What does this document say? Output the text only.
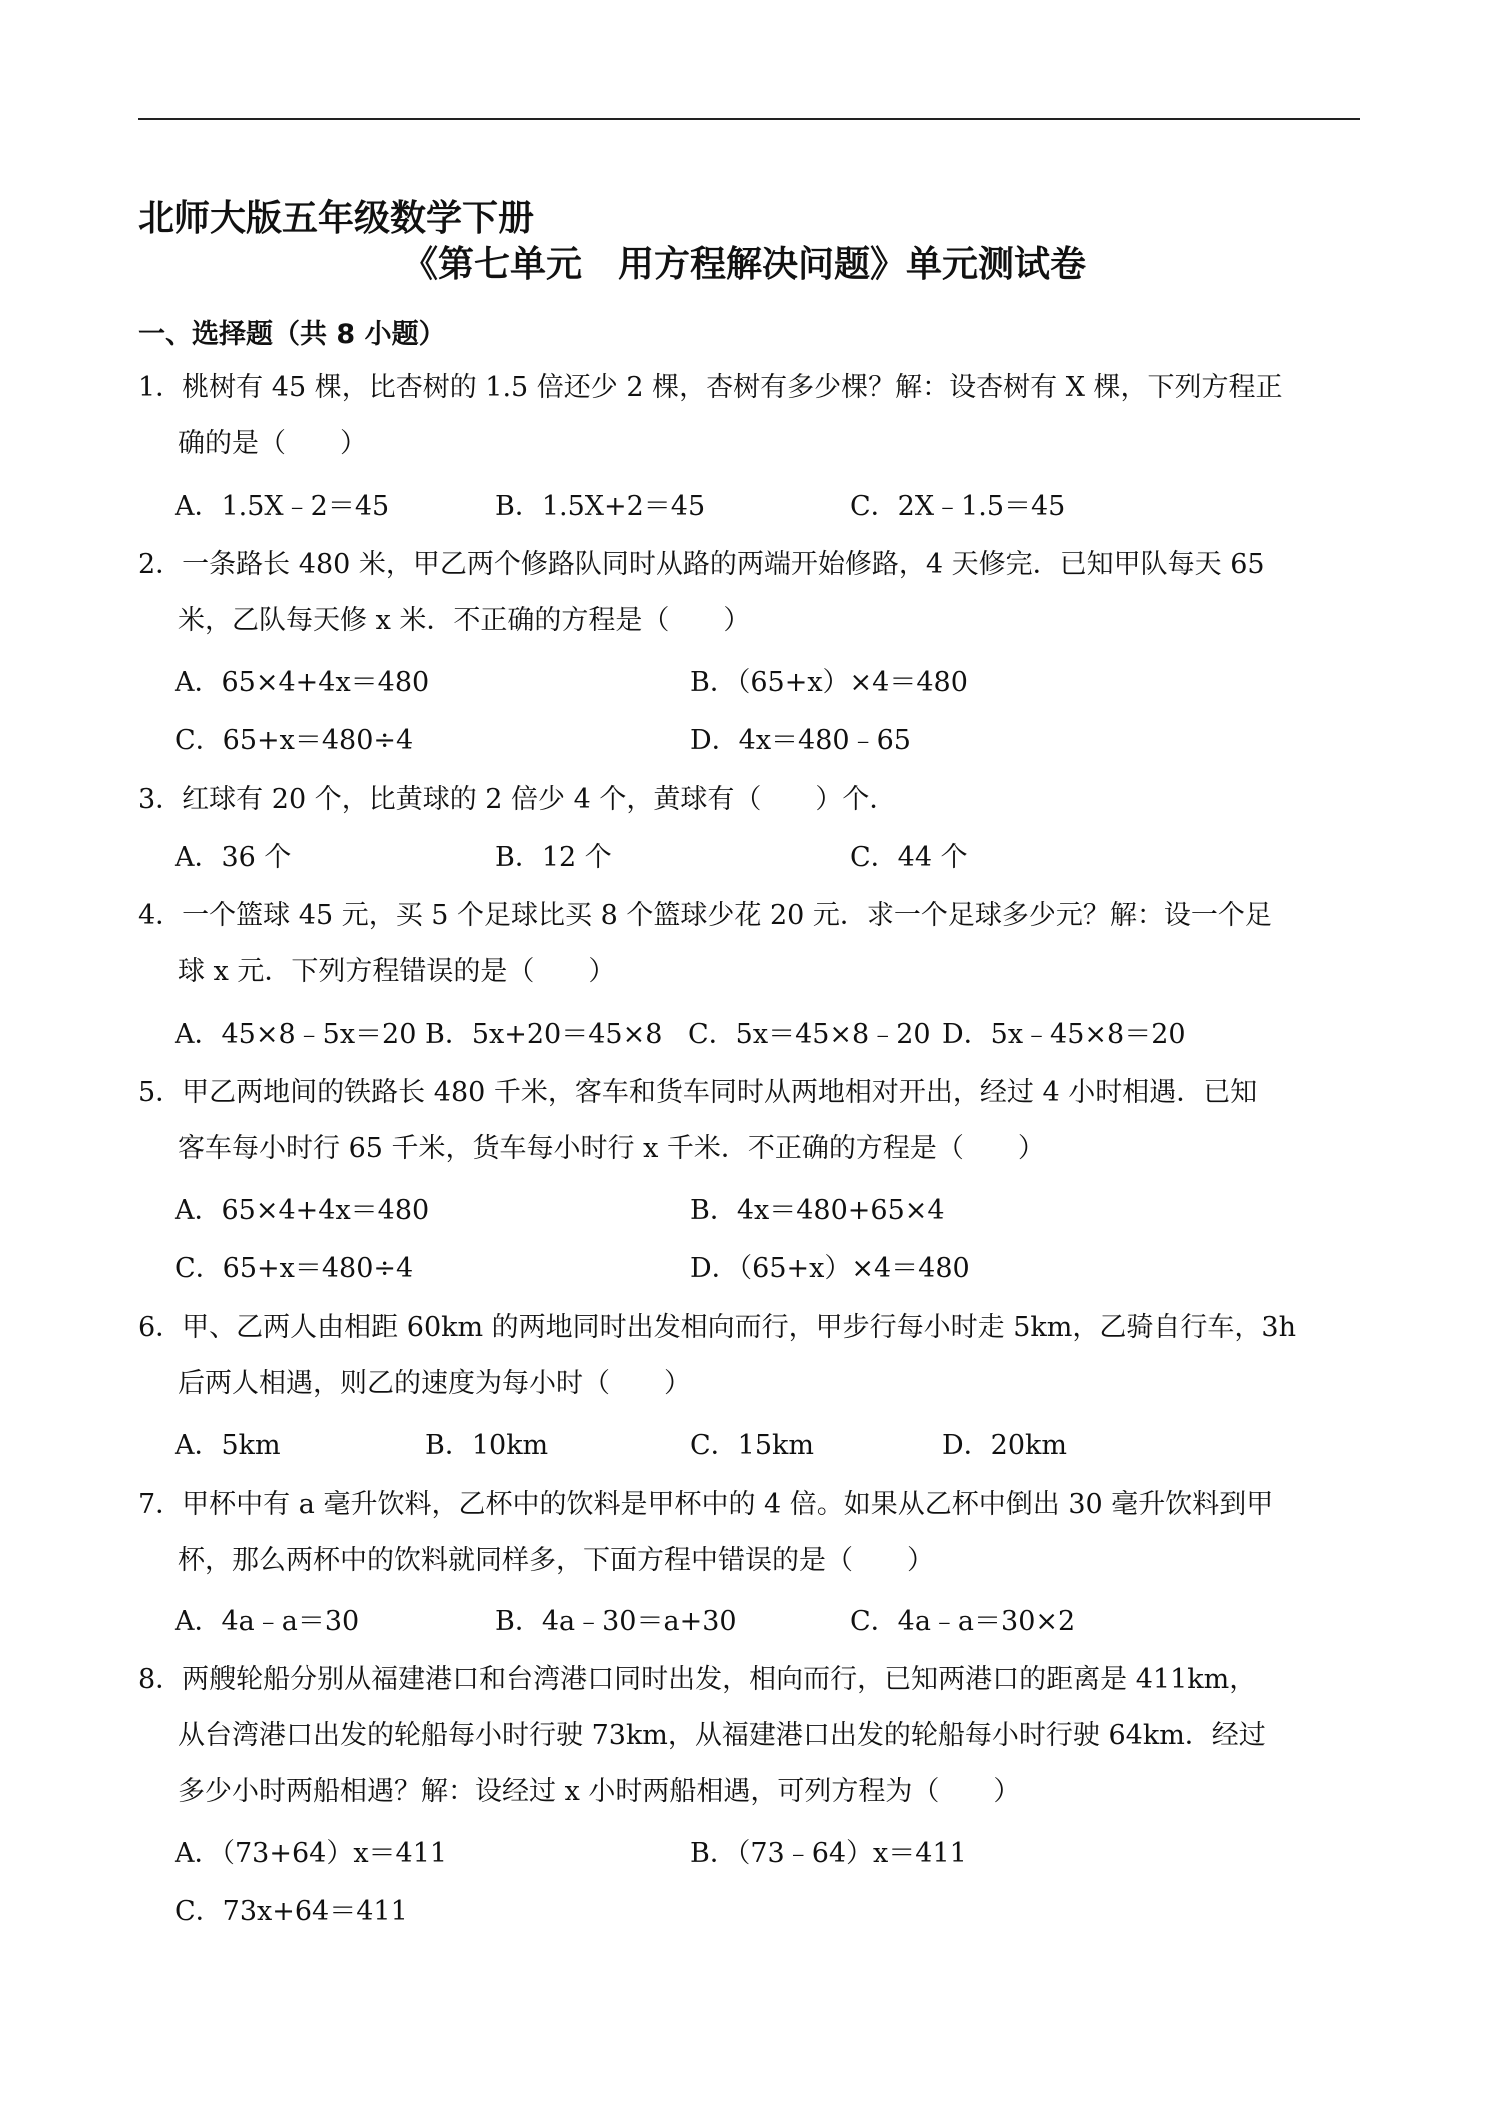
北师大版五年级数学下册
《第七单元　用方程解决问题》单元测试卷
一、选择题（共 8 小题）
1．桃树有 45 棵，比杏树的 1.5 倍还少 2 棵，杏树有多少棵？解：设杏树有 X 棵，下列方程正
确的是（　　）
A．1.5X﹣2＝45	B．1.5X+2＝45	C．2X﹣1.5＝45
2．一条路长 480 米，甲乙两个修路队同时从路的两端开始修路，4 天修完．已知甲队每天 65
米，乙队每天修 x 米．不正确的方程是（　　）
A．65×4+4x＝480	B．（65+x）×4＝480
C．65+x＝480÷4	D．4x＝480﹣65
3．红球有 20 个，比黄球的 2 倍少 4 个，黄球有（　　）个．
A．36 个	B．12 个	C．44 个
4．一个篮球 45 元，买 5 个足球比买 8 个篮球少花 20 元．求一个足球多少元？解：设一个足
球 x 元．下列方程错误的是（　　）
A．45×8﹣5x＝20 B．5x+20＝45×8 C．5x＝45×8﹣20 D．5x﹣45×8＝20
5．甲乙两地间的铁路长 480 千米，客车和货车同时从两地相对开出，经过 4 小时相遇．已知
客车每小时行 65 千米，货车每小时行 x 千米．不正确的方程是（　　）
A．65×4+4x＝480	B．4x＝480+65×4
C．65+x＝480÷4	D．（65+x）×4＝480
6．甲、乙两人由相距 60km 的两地同时出发相向而行，甲步行每小时走 5km，乙骑自行车，3h
后两人相遇，则乙的速度为每小时（　　）
A．5km	B．10km	C．15km	D．20km
7．甲杯中有 a 毫升饮料，乙杯中的饮料是甲杯中的 4 倍。如果从乙杯中倒出 30 毫升饮料到甲
杯，那么两杯中的饮料就同样多，下面方程中错误的是（　　）
A．4a﹣a＝30	B．4a﹣30＝a+30	C．4a﹣a＝30×2
8．两艘轮船分别从福建港口和台湾港口同时出发，相向而行，已知两港口的距离是 411km，
从台湾港口出发的轮船每小时行驶 73km，从福建港口出发的轮船每小时行驶 64km．经过
多少小时两船相遇？解：设经过 x 小时两船相遇，可列方程为（　　）
A．（73+64）x＝411	B．（73﹣64）x＝411
C．73x+64＝411
